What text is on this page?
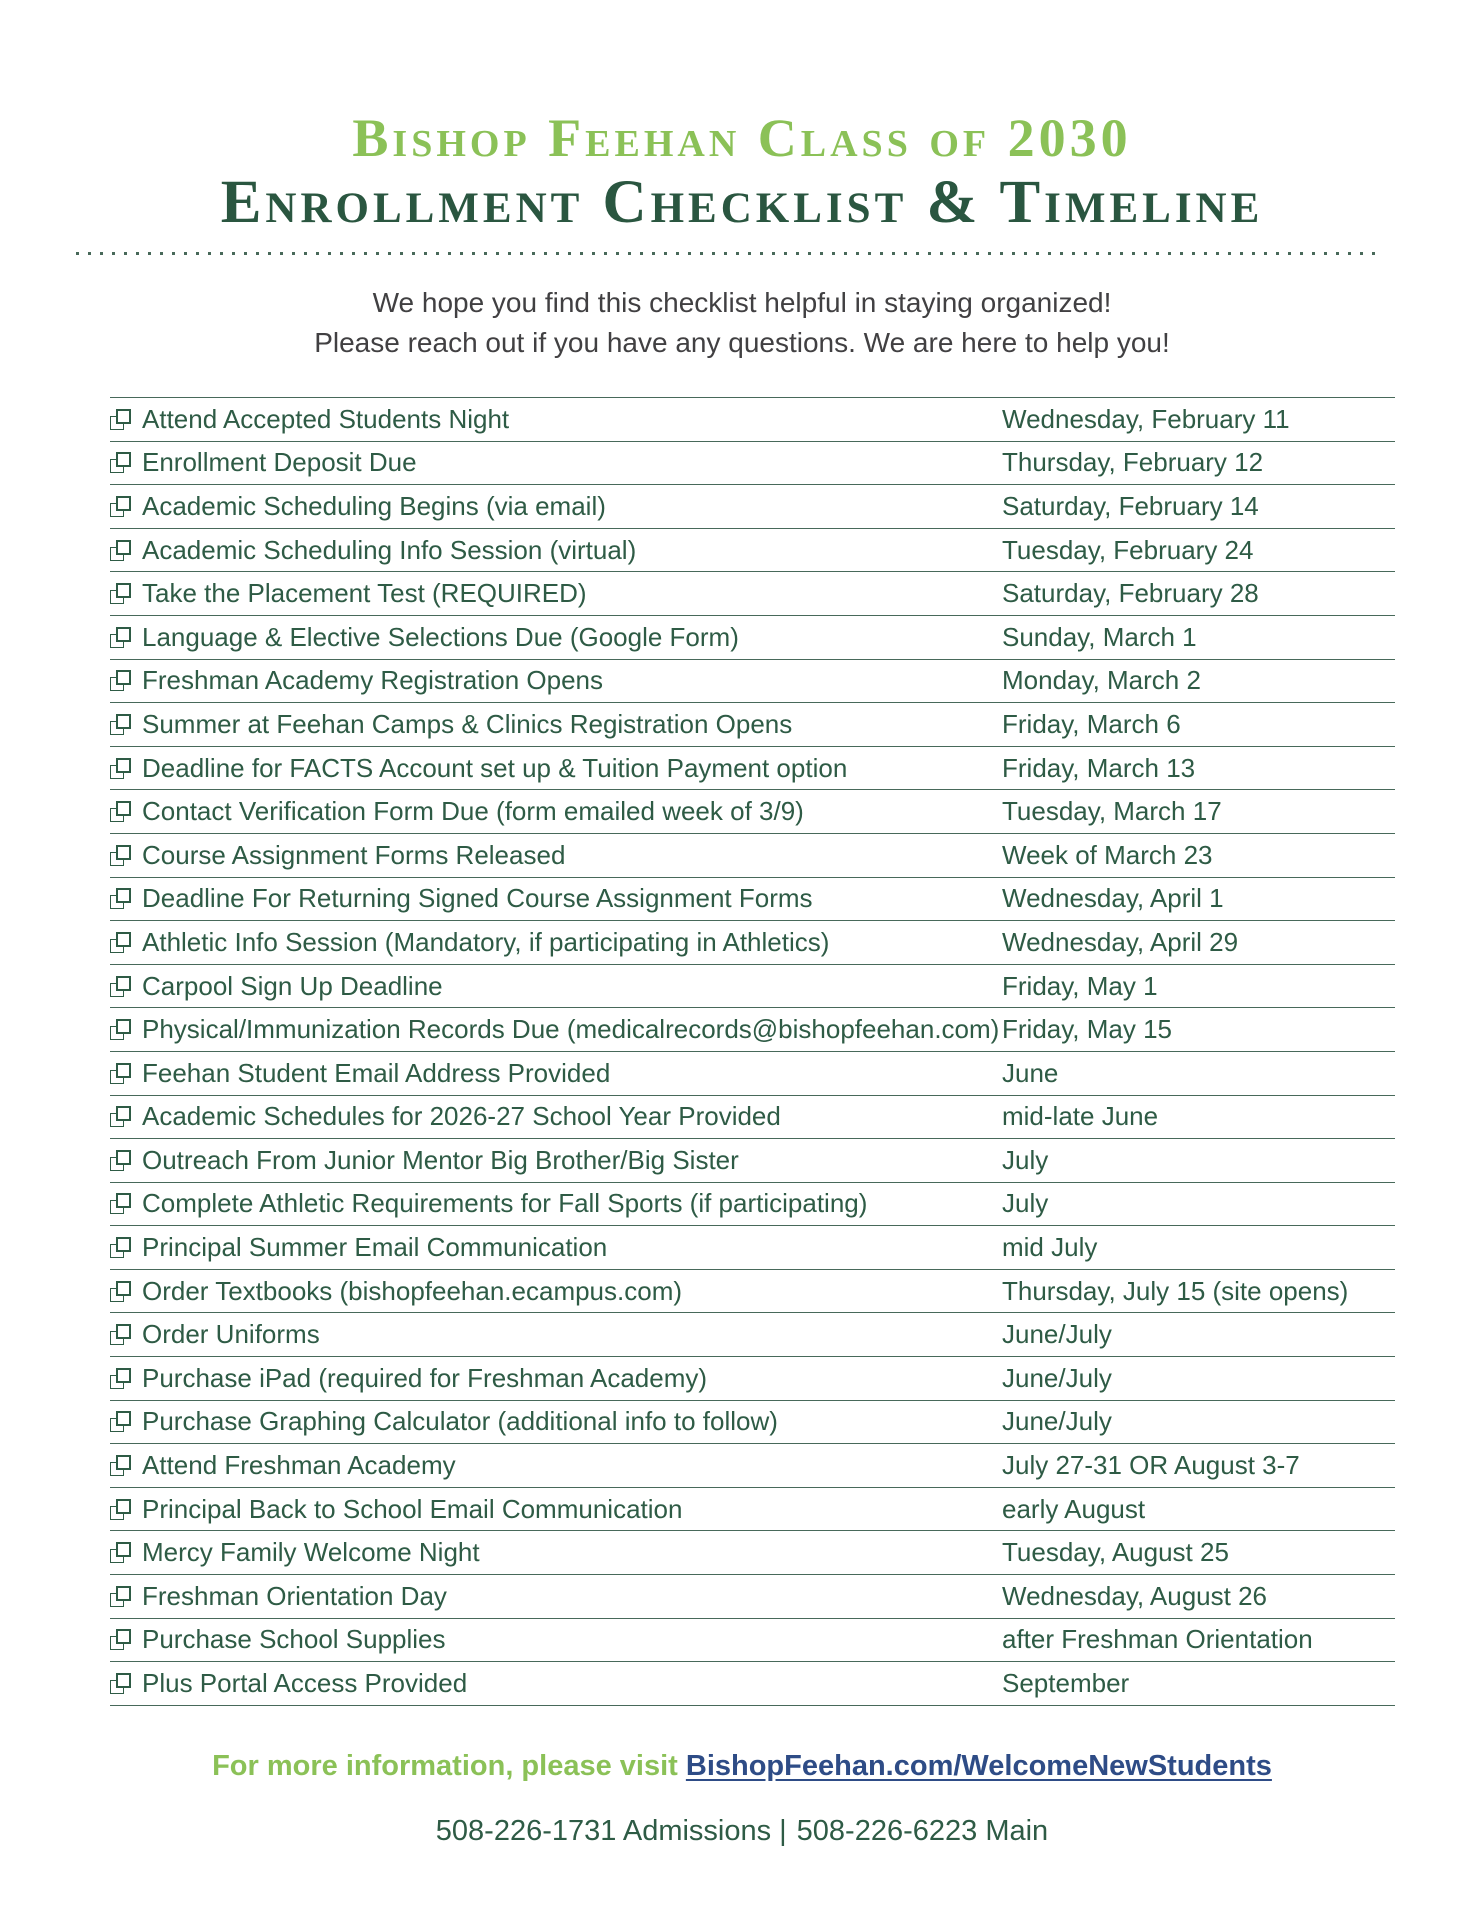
Bishop Feehan Class of 2030
Enrollment Checklist & Timeline

We hope you find this checklist helpful in staying organized!
Please reach out if you have any questions. We are here to help you!

Attend Accepted Students Night	Wednesday, February 11
Enrollment Deposit Due	Thursday, February 12
Academic Scheduling Begins (via email)	Saturday, February 14
Academic Scheduling Info Session (virtual)	Tuesday, February 24
Take the Placement Test (REQUIRED)	Saturday, February 28
Language & Elective Selections Due (Google Form)	Sunday, March 1
Freshman Academy Registration Opens	Monday, March 2
Summer at Feehan Camps & Clinics Registration Opens	Friday, March 6
Deadline for FACTS Account set up & Tuition Payment option	Friday, March 13
Contact Verification Form Due (form emailed week of 3/9)	Tuesday, March 17
Course Assignment Forms Released	Week of March 23
Deadline For Returning Signed Course Assignment Forms	Wednesday, April 1
Athletic Info Session (Mandatory, if participating in Athletics)	Wednesday, April 29
Carpool Sign Up Deadline	Friday, May 1
Physical/Immunization Records Due (medicalrecords@bishopfeehan.com) Friday, May 15
Feehan Student Email Address Provided	June
Academic Schedules for 2026-27 School Year Provided	mid-late June
Outreach From Junior Mentor Big Brother/Big Sister	July
Complete Athletic Requirements for Fall Sports (if participating)	July
Principal Summer Email Communication	mid July
Order Textbooks (bishopfeehan.ecampus.com)	Thursday, July 15 (site opens)
Order Uniforms	June/July
Purchase iPad (required for Freshman Academy)	June/July
Purchase Graphing Calculator (additional info to follow)	June/July
Attend Freshman Academy	July 27-31 OR August 3-7
Principal Back to School Email Communication	early August
Mercy Family Welcome Night	Tuesday, August 25
Freshman Orientation Day	Wednesday, August 26
Purchase School Supplies	after Freshman Orientation
Plus Portal Access Provided	September

For more information, please visit BishopFeehan.com/WelcomeNewStudents

508-226-1731 Admissions | 508-226-6223 Main
